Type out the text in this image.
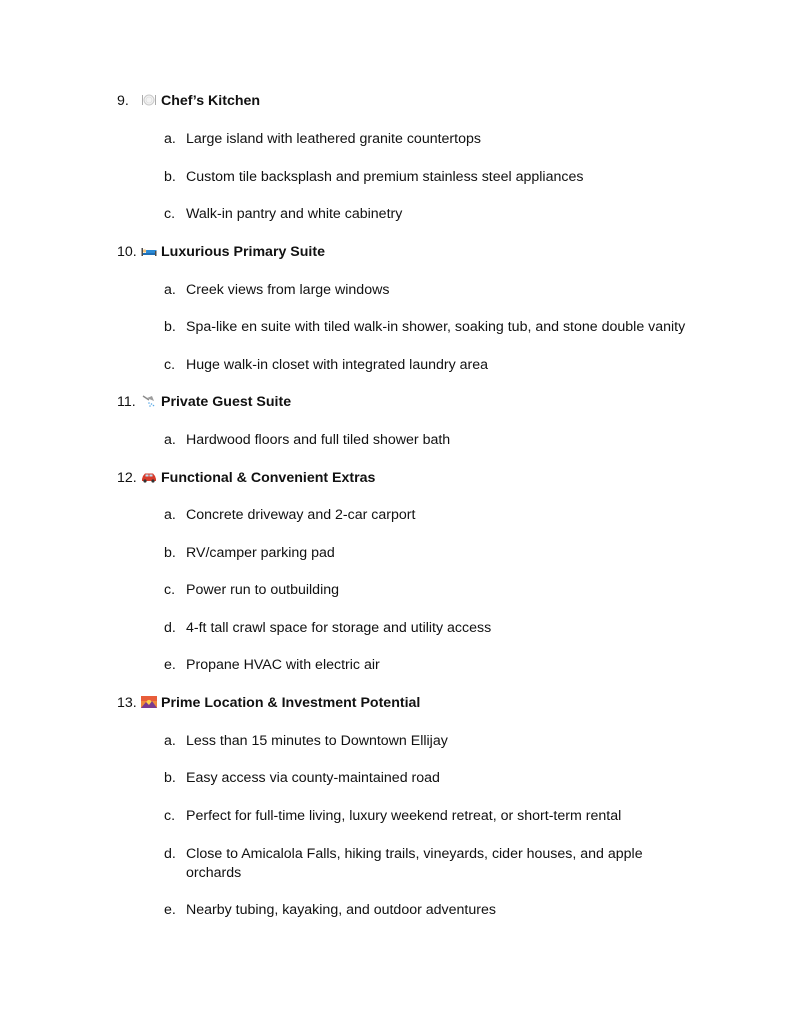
9. Chef’s Kitchen
a. Large island with leathered granite countertops
b. Custom tile backsplash and premium stainless steel appliances
c. Walk-in pantry and white cabinetry
10. Luxurious Primary Suite
a. Creek views from large windows
b. Spa-like en suite with tiled walk-in shower, soaking tub, and stone double vanity
c. Huge walk-in closet with integrated laundry area
11. Private Guest Suite
a. Hardwood floors and full tiled shower bath
12. Functional & Convenient Extras
a. Concrete driveway and 2-car carport
b. RV/camper parking pad
c. Power run to outbuilding
d. 4-ft tall crawl space for storage and utility access
e. Propane HVAC with electric air
13. Prime Location & Investment Potential
a. Less than 15 minutes to Downtown Ellijay
b. Easy access via county-maintained road
c. Perfect for full-time living, luxury weekend retreat, or short-term rental
d. Close to Amicalola Falls, hiking trails, vineyards, cider houses, and apple orchards
e. Nearby tubing, kayaking, and outdoor adventures
